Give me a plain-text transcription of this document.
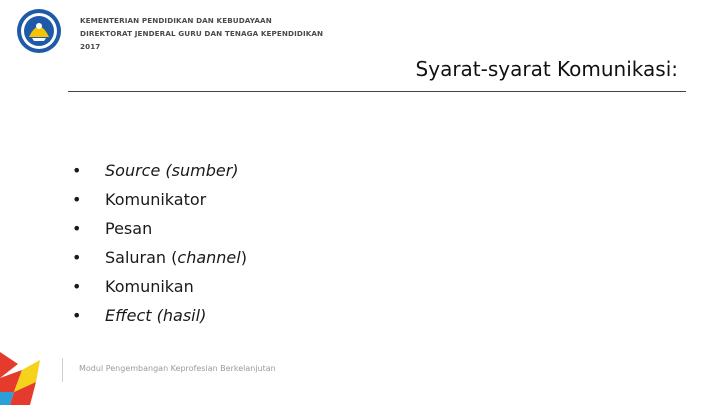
KEMENTERIAN PENDIDIKAN DAN KEBUDAYAAN
DIREKTORAT JENDERAL GURU DAN TENAGA KEPENDIDIKAN
2017
Syarat-syarat Komunikasi:
• Source (sumber)
• Komunikator
• Pesan
• Saluran (channel)
• Komunikan
• Effect (hasil)
Modul Pengembangan Keprofesian Berkelanjutan
